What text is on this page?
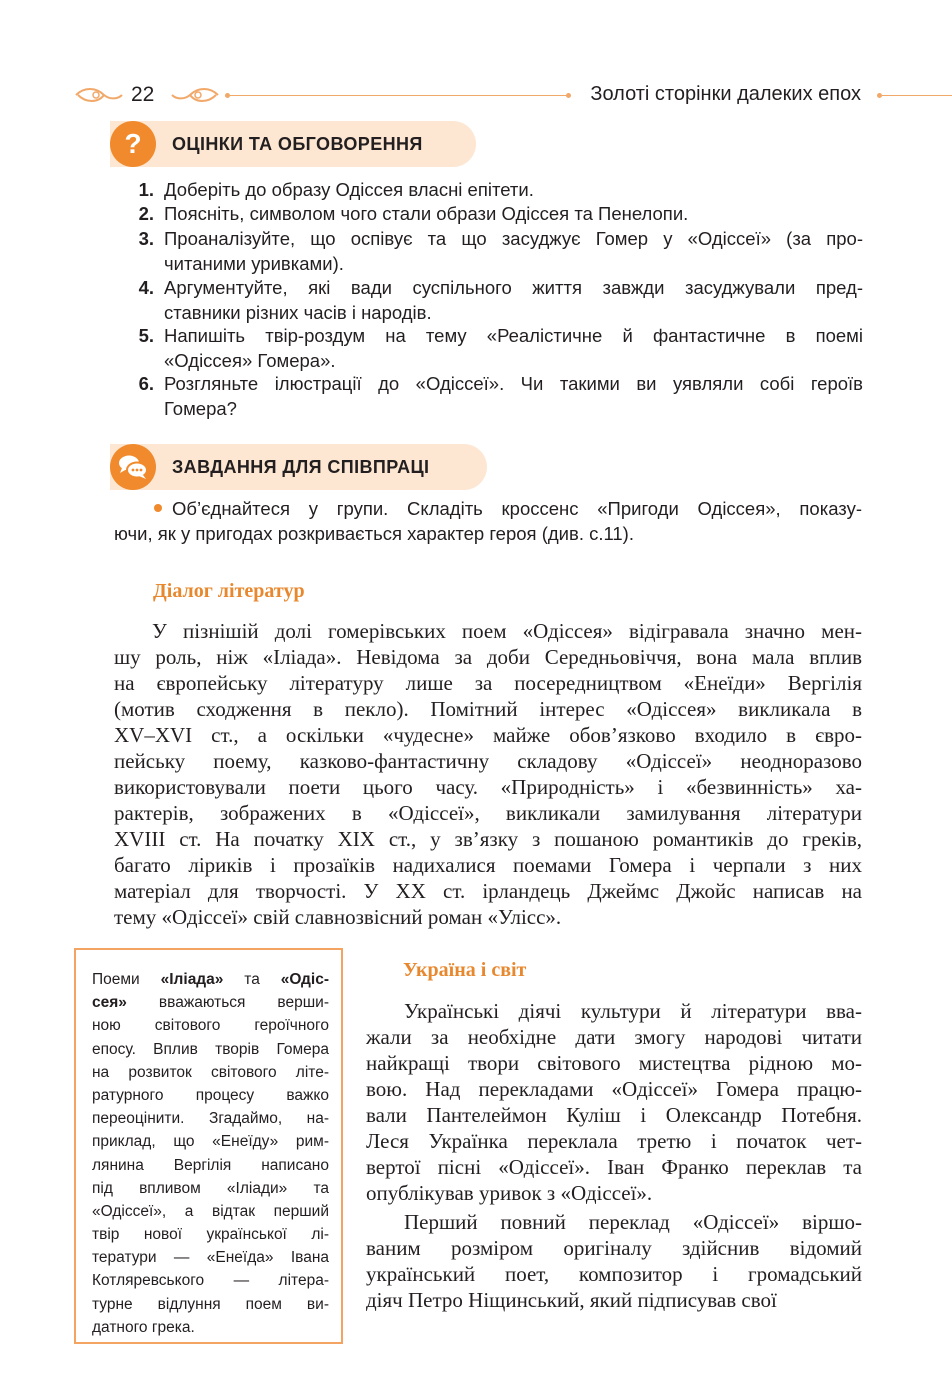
22	Золоті сторінки далеких епох
? ОЦІНКИ ТА ОБГОВОРЕННЯ
1. Доберіть до образу Одіссея власні епітети.
2. Поясніть, символом чого стали образи Одіссея та Пенелопи.
3. Проаналізуйте, що оспівує та що засуджує Гомер у «Одіссеї» (за про-
читаними уривками).
4. Аргументуйте, які вади суспільного життя завжди засуджували пред-
ставники різних часів і народів.
5. Напишіть твір-роздум на тему «Реалістичне й фантастичне в поемі
«Одіссея» Гомера».
6. Розгляньте ілюстрації до «Одіссеї». Чи такими ви уявляли собі героїв
Гомера?
ЗАВДАННЯ ДЛЯ СПІВПРАЦІ
Об’єднайтеся у групи. Складіть кроссенс «Пригоди Одіссея», показу-
ючи, як у пригодах розкривається характер героя (див. с.11).
Діалог літератур
У пізнішій долі гомерівських поем «Одіссея» відігравала значно мен-
шу роль, ніж «Іліада». Невідома за доби Середньовіччя, вона мала вплив
на європейську літературу лише за посередництвом «Енеїди» Вергілія
(мотив сходження в пекло). Помітний інтерес «Одіссея» викликала в
XV–XVI ст., а оскільки «чудесне» майже обов’язково входило в євро-
пейську поему, казково-фантастичну складову «Одіссеї» неодноразово
використовували поети цього часу. «Природність» і «безвинність» ха-
рактерів, зображених в «Одіссеї», викликали замилування літератури
XVIII ст. На початку XIX ст., у зв’язку з пошаною романтиків до греків,
багато ліриків і прозаїків надихалися поемами Гомера і черпали з них
матеріал для творчості. У XX ст. ірландець Джеймс Джойс написав на
тему «Одіссеї» свій славнозвісний роман «Улісс».
Поеми «Іліада» та «Одіс-
сея» вважаються верши-
ною світового героїчного
епосу. Вплив творів Гомера
на розвиток світового літе-
ратурного процесу важко
переоцінити. Згадаймо, на-
приклад, що «Енеїду» рим-
лянина Вергілія написано
під впливом «Іліади» та
«Одіссеї», а відтак перший
твір нової української лі-
тератури — «Енеїда» Івана
Котляревського — літера-
турне відлуння поем ви-
датного грека.
Україна і світ
Українські діячі культури й літератури вва-
жали за необхідне дати змогу народові читати
найкращі твори світового мистецтва рідною мо-
вою. Над перекладами «Одіссеї» Гомера працю-
вали Пантелеймон Куліш і Олександр Потебня.
Леся Українка переклала третю і початок чет-
вертої пісні «Одіссеї». Іван Франко переклав та
опублікував уривок з «Одіссеї».
Перший повний переклад «Одіссеї» віршо-
ваним розміром оригіналу здійснив відомий
український поет, композитор і громадський
діяч Петро Ніщинський, який підписував свої
